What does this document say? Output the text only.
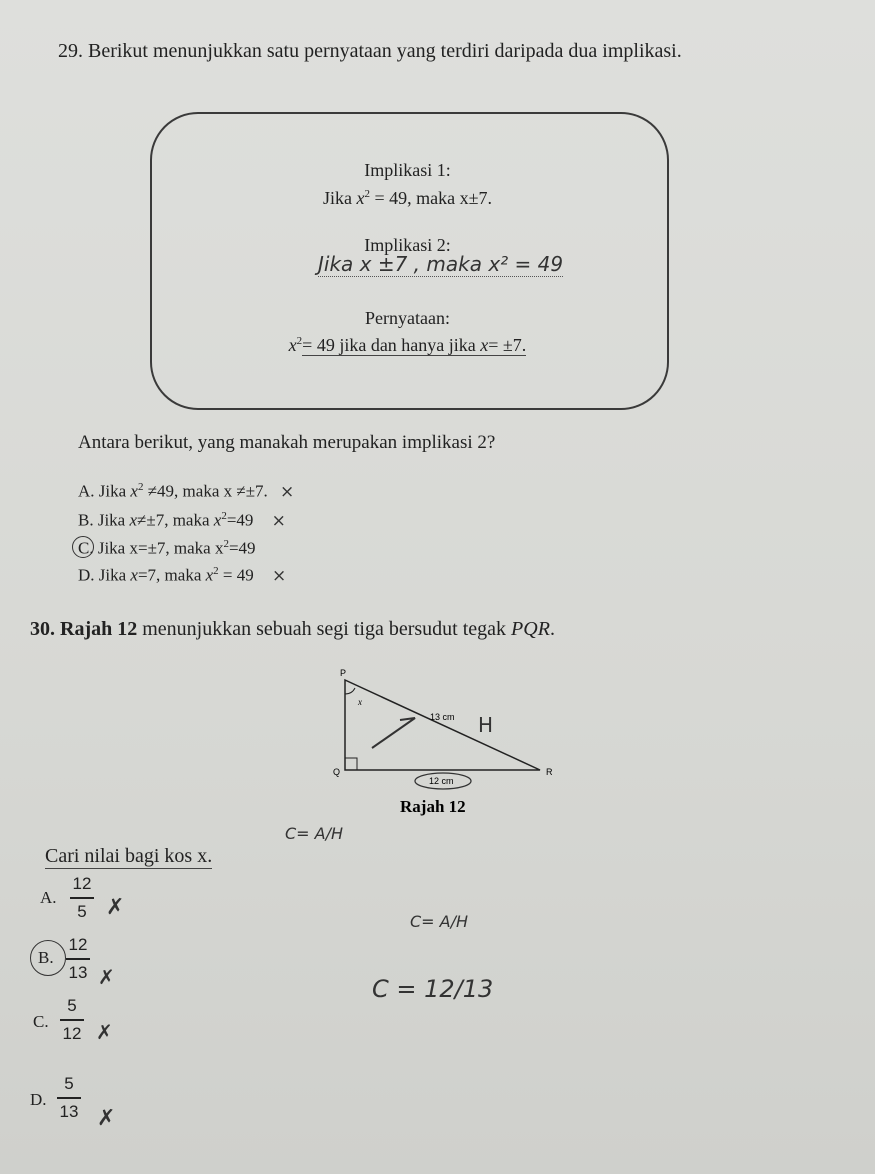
29. Berikut menunjukkan satu pernyataan yang terdiri daripada dua implikasi.
Implikasi 1:
Jika $x^2 = 49$, maka x±7.
Implikasi 2:
Jika x ±7 , maka x² = 49
Pernyataan:
$x^2= 49$ jika dan hanya jika x= ±7.
Antara berikut, yang manakah merupakan implikasi 2?
A. Jika $x^2 \ne 49$, maka x ≠±7. ×
B. Jika x≠±7, maka $x^2=49$ ×
C. Jika x=±7, maka $x^2=49$
D. Jika x=7, maka $x^2 = 49$ ×
30. Rajah 12 menunjukkan sebuah segi tiga bersudut tegak PQR.
P
Q	R
x
13 cm
12 cm
H
Rajah 12
Cari nilai bagi kos x.
C= A/H
C= A/H
C = 12/13
A.
12
5 ✗
B.
12
13 ✗
C.
5
12 ✗
D.
5
13 ✗
